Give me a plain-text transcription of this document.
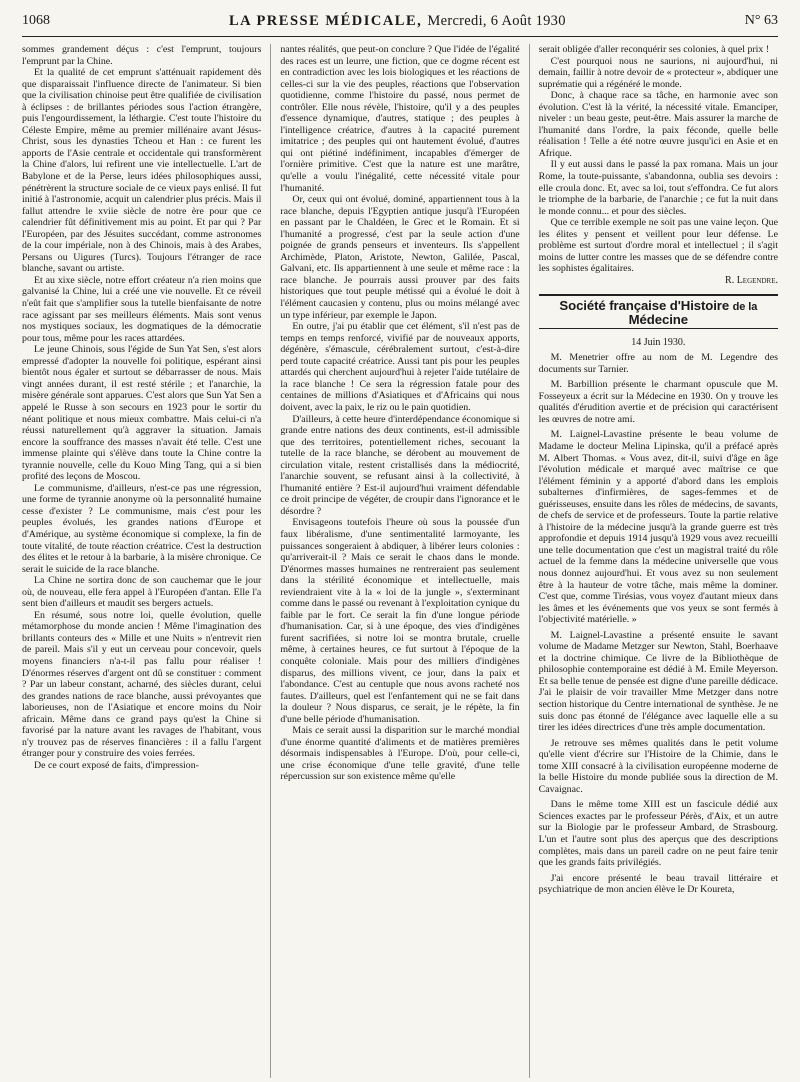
1068	LA PRESSE MÉDICALE, Mercredi, 6 Août 1930	N° 63

sommes grandement déçus : c'est l'emprunt, toujours l'emprunt par la Chine.

Et la qualité de cet emprunt s'atténuait rapidement dès que disparaissait l'influence directe de l'animateur. Si bien que la civilisation chinoise peut être qualifiée de civilisation à éclipses : de brillantes périodes sous l'action étrangère, puis l'engourdissement, la léthargie. C'est toute l'histoire du Céleste Empire, même au premier millénaire avant Jésus-Christ, sous les dynasties Tcheou et Han : ce furent les apports de l'Asie centrale et occidentale qui transformèrent la Chine d'alors, lui refirent une vie intellectuelle. L'art de Babylone et de la Perse, leurs idées philosophiques aussi, pénétrèrent la structure sociale de ce vieux pays enlisé. Il fut initié à l'astronomie, acquit un calendrier plus précis. Mais il fallut attendre le xviie siècle de notre ère pour que ce calendrier fût définitivement mis au point. Et par qui ? Par l'Européen, par des Jésuites succédant, comme astronomes de la cour impériale, non à des Chinois, mais à des Arabes, Persans ou Uigures (Turcs). Toujours l'étranger de race blanche, savant ou artiste.

Et au xixe siècle, notre effort créateur n'a rien moins que galvanisé la Chine, lui a créé une vie nouvelle. Et ce réveil n'eût fait que s'amplifier sous la tutelle bienfaisante de notre race agissant par ses meilleurs éléments. Mais sont venus nos mystiques sociaux, les dogmatiques de la démocratie pour tous, même pour les races attardées.

Le jeune Chinois, sous l'égide de Sun Yat Sen, s'est alors empressé d'adopter la nouvelle foi politique, espérant ainsi bientôt nous égaler et surtout se débarrasser de nous. Mais vingt années durant, il est resté stérile ; et l'anarchie, la misère générale sont apparues. C'est alors que Sun Yat Sen a appelé le Russe à son secours en 1923 pour le sortir du néant politique et nous mieux combattre. Mais celui-ci n'a réussi naturellement qu'à aggraver la situation. Jamais encore la souffrance des masses n'avait été telle. C'est une immense plainte qui s'élève dans toute la Chine contre la tyrannie nouvelle, celle du Kouo Ming Tang, qui a si bien profité des leçons de Moscou.

Le communisme, d'ailleurs, n'est-ce pas une régression, une forme de tyrannie anonyme où la personnalité humaine cesse d'exister ? Le communisme, mais c'est pour les peuples évolués, les grandes nations d'Europe et d'Amérique, au système économique si complexe, la fin de toute vitalité, de toute réaction créatrice. C'est la destruction des élites et le retour à la barbarie, à la misère chronique. Ce serait le suicide de la race blanche.

La Chine ne sortira donc de son cauchemar que le jour où, de nouveau, elle fera appel à l'Européen d'antan. Elle l'a sent bien d'ailleurs et maudit ses bergers actuels.

En résumé, sous notre loi, quelle évolution, quelle métamorphose du monde ancien ! Même l'imagination des brillants conteurs des « Mille et une Nuits » n'entrevit rien de pareil. Mais s'il y eut un cerveau pour concevoir, quels moyens financiers n'a-t-il pas fallu pour réaliser ! D'énormes réserves d'argent ont dû se constituer : comment ? Par un labeur constant, acharné, des siècles durant, celui des grandes nations de race blanche, aussi prévoyantes que laborieuses, non de l'Asiatique et encore moins du Noir africain. Même dans ce grand pays qu'est la Chine si favorisé par la nature avant les ravages de l'habitant, vous n'y trouvez pas de réserves financières : il a fallu l'argent étranger pour y construire des voies ferrées.

De ce court exposé de faits, d'impression-

nantes réalités, que peut-on conclure ? Que l'idée de l'égalité des races est un leurre, une fiction, que ce dogme récent est en contradiction avec les lois biologiques et les réactions de celles-ci sur la vie des peuples, réactions que l'observation quotidienne, comme l'histoire du passé, nous permet de contrôler. Elle nous révèle, l'histoire, qu'il y a des peuples d'essence dynamique, d'autres, statique ; des peuples à l'intelligence créatrice, d'autres à la capacité purement imitatrice ; des peuples qui ont hautement évolué, d'autres qui ont piétiné indéfiniment, incapables d'émerger de l'ornière primitive. C'est que la nature est une marâtre, qu'elle a voulu l'inégalité, cette nécessité vitale pour l'humanité.

Or, ceux qui ont évolué, dominé, appartiennent tous à la race blanche, depuis l'Egyptien antique jusqu'à l'Européen en passant par le Chaldéen, le Grec et le Romain. Et si l'humanité a progressé, c'est par la seule action d'une poignée de grands penseurs et inventeurs. Ils s'appellent Archimède, Platon, Aristote, Newton, Galilée, Pascal, Galvani, etc. Ils appartiennent à une seule et même race : la race blanche. Je pourrais aussi prouver par des faits historiques que tout peuple métissé qui a évolué le doit à l'élément caucasien y contenu, plus ou moins mélangé avec un type inférieur, par exemple le Japon.

En outre, j'ai pu établir que cet élément, s'il n'est pas de temps en temps renforcé, vivifié par de nouveaux apports, dégénère, s'émascule, cérébralement surtout, c'est-à-dire perd toute capacité créatrice. Aussi tant pis pour les peuples attardés qui cherchent aujourd'hui à rejeter l'aide tutélaire de la race blanche ! Ce sera la régression fatale pour des centaines de millions d'Asiatiques et d'Africains qui nous doivent, avec la paix, le riz ou le pain quotidien.

D'ailleurs, à cette heure d'interdépendance économique si grande entre nations des deux continents, est-il admissible que des territoires, potentiellement riches, secouant la tutelle de la race blanche, se dérobent au mouvement de circulation vitale, restent cristallisés dans la médiocrité, l'anarchie souvent, se refusant ainsi à la collectivité, à l'humanité entière ? Est-il aujourd'hui vraiment défendable ce droit principe de végéter, de croupir dans l'ignorance et le désordre ?

Envisageons toutefois l'heure où sous la poussée d'un faux libéralisme, d'une sentimentalité larmoyante, les puissances songeraient à abdiquer, à libérer leurs colonies : qu'arriverait-il ? Mais ce serait le chaos dans le monde. D'énormes masses humaines ne rentreraient pas seulement dans la stérilité économique et intellectuelle, mais reviendraient vite à la « loi de la jungle », s'exterminant comme dans le passé ou revenant à l'exploitation cynique du faible par le fort. Ce serait la fin d'une longue période d'humanisation. Car, si à une époque, des vies d'indigènes furent sacrifiées, si notre loi se montra brutale, cruelle même, à certaines heures, ce fut surtout à l'époque de la conquête coloniale. Mais pour des milliers d'indigènes disparus, des millions vivent, ce jour, dans la paix et l'abondance. C'est au centuple que nous avons racheté nos fautes. D'ailleurs, quel est l'enfantement qui ne se fait dans la douleur ? Nous disparus, ce serait, je le répète, la fin d'une belle période d'humanisation.

Mais ce serait aussi la disparition sur le marché mondial d'une énorme quantité d'aliments et de matières premières désormais indispensables à l'Europe. D'où, pour celle-ci, une crise économique d'une telle gravité, d'une telle répercussion sur son existence même qu'elle

serait obligée d'aller reconquérir ses colonies, à quel prix !

C'est pourquoi nous ne saurions, ni aujourd'hui, ni demain, faillir à notre devoir de « protecteur », abdiquer une suprématie qui a régénéré le monde.

Donc, à chaque race sa tâche, en harmonie avec son évolution. C'est là la vérité, la nécessité vitale. Emanciper, niveler : un beau geste, peut-être. Mais assurer la marche de l'humanité dans l'ordre, la paix féconde, quelle belle réalisation ! Telle a été notre œuvre jusqu'ici en Asie et en Afrique.

Il y eut aussi dans le passé la pax romana. Mais un jour Rome, la toute-puissante, s'abandonna, oublia ses devoirs : elle croula donc. Et, avec sa loi, tout s'effondra. Ce fut alors le triomphe de la barbarie, de l'anarchie ; ce fut la nuit dans le monde connu... et pour des siècles.

Que ce terrible exemple ne soit pas une vaine leçon. Que les élites y pensent et veillent pour leur défense. Le problème est surtout d'ordre moral et intellectuel ; il s'agit moins de lutter contre les masses que de se défendre contre les sophistes égalitaires.

R. Legendre.

Société française d'Histoire de la Médecine
14 Juin 1930.

M. Menetrier offre au nom de M. Legendre des documents sur Tarnier.

M. Barbillion présente le charmant opuscule que M. Fosseyeux a écrit sur la Médecine en 1930. On y trouve les qualités d'érudition avertie et de précision qui caractérisent les œuvres de notre ami.

M. Laignel-Lavastine présente le beau volume de Madame le docteur Melina Lipinska, qu'il a préfacé après M. Albert Thomas. « Vous avez, dit-il, suivi d'âge en âge l'évolution médicale et marqué avec maîtrise ce que l'élément féminin y a apporté d'abord dans les emplois subalternes d'infirmières, de sages-femmes et de guérisseuses, ensuite dans les rôles de médecins, de savants, de chefs de service et de professeurs. Toute la partie relative à l'histoire de la médecine jusqu'à la grande guerre est très approfondie et depuis 1914 jusqu'à 1929 vous avez recueilli une telle documentation que c'est un magistral traité du rôle actuel de la femme dans la médecine universelle que vous nous donnez aujourd'hui. Et vous avez su non seulement être à la hauteur de votre tâche, mais même la dominer. C'est que, comme Tirésias, vous voyez d'autant mieux dans les âmes et les événements que vos yeux se sont fermés à l'objectivité matérielle. »

M. Laignel-Lavastine a présenté ensuite le savant volume de Madame Metzger sur Newton, Stahl, Boerhaave et la doctrine chimique. Ce livre de la Bibliothèque de philosophie contemporaine est dédié à M. Emile Meyerson. Et sa belle tenue de pensée est digne d'une pareille dédicace. J'ai le plaisir de voir travailler Mme Metzger dans notre section historique du Centre international de synthèse. Je ne suis donc pas étonné de l'élégance avec laquelle elle a su tirer les idées directrices d'une très ample documentation.

Je retrouve ses mêmes qualités dans le petit volume qu'elle vient d'écrire sur l'Histoire de la Chimie, dans le tome XIII consacré à la civilisation européenne moderne de la belle Histoire du monde publiée sous la direction de M. Cavaignac.

Dans le même tome XIII est un fascicule dédié aux Sciences exactes par le professeur Pérès, d'Aix, et un autre sur la Biologie par le professeur Ambard, de Strasbourg. L'un et l'autre sont plus des aperçus que des descriptions complètes, mais dans un pareil cadre on ne peut faire tenir que les grands faits privilégiés.

J'ai encore présenté le beau travail littéraire et psychiatrique de mon ancien élève le Dr Koureta,
